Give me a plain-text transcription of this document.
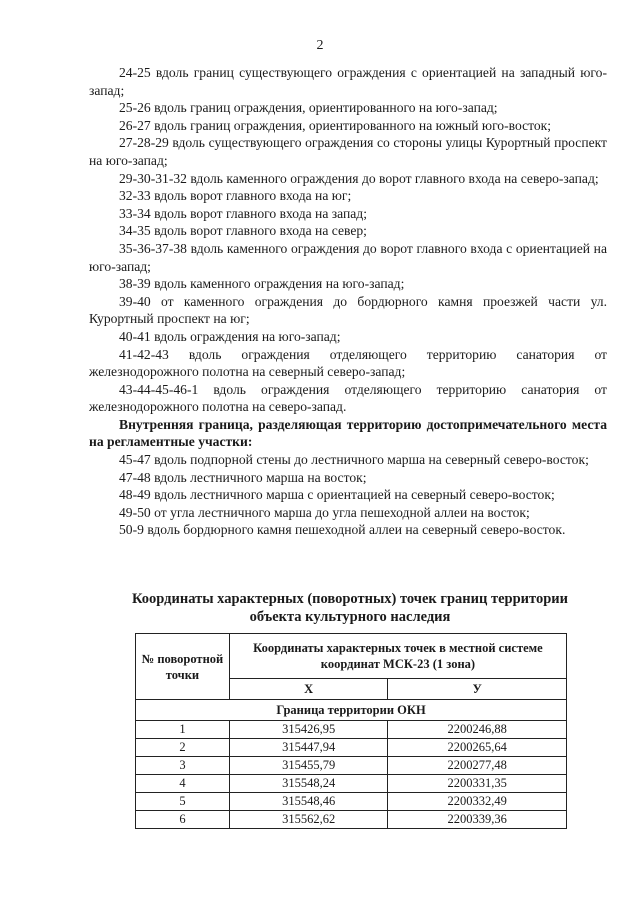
2

24-25 вдоль границ существующего ограждения с ориентацией на западный юго-запад;

25-26 вдоль границ ограждения, ориентированного на юго-запад;

26-27 вдоль границ ограждения, ориентированного на южный юго-восток;

27-28-29 вдоль существующего ограждения со стороны улицы Курортный проспект на юго-запад;

29-30-31-32 вдоль каменного ограждения до ворот главного входа на северо-запад;

32-33 вдоль ворот главного входа на юг;

33-34 вдоль ворот главного входа на запад;

34-35 вдоль ворот главного входа на север;

35-36-37-38 вдоль каменного ограждения до ворот главного входа с ориентацией на юго-запад;

38-39 вдоль каменного ограждения на юго-запад;

39-40 от каменного ограждения до бордюрного камня проезжей части ул. Курортный проспект на юг;

40-41 вдоль ограждения на юго-запад;

41-42-43 вдоль ограждения отделяющего территорию санатория от железнодорожного полотна на северный северо-запад;

43-44-45-46-1 вдоль ограждения отделяющего территорию санатория от железнодорожного полотна на северо-запад.

Внутренняя граница, разделяющая территорию достопримечательного места на регламентные участки:

45-47 вдоль подпорной стены до лестничного марша на северный северо-восток;

47-48 вдоль лестничного марша на восток;

48-49 вдоль лестничного марша с ориентацией на северный северо-восток;

49-50 от угла лестничного марша до угла пешеходной аллеи на восток;

50-9 вдоль бордюрного камня пешеходной аллеи на северный северо-восток.

Координаты характерных (поворотных) точек границ территории
объекта культурного наследия
№ поворотной точки	Координаты характерных точек в местной системе координат МСК-23 (1 зона)	
	Х	У
Граница территории ОКН		
1	315426,95	2200246,88
2	315447,94	2200265,64
3	315455,79	2200277,48
4	315548,24	2200331,35
5	315548,46	2200332,49
6	315562,62	2200339,36
